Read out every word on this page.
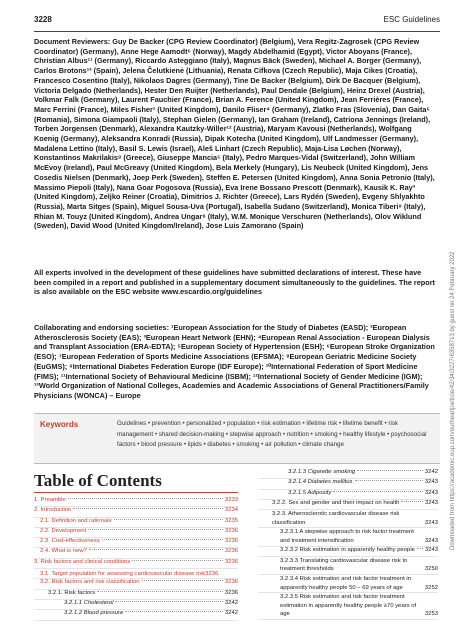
3228	ESC Guidelines

Document Reviewers: Guy De Backer (CPG Review Coordinator) (Belgium), Vera Regitz-Zagrosek (CPG Review Coordinator) (Germany), Anne Hege Aamodt⁶ (Norway), Magdy Abdelhamid (Egypt), Victor Aboyans (France), Christian Albus¹¹ (Germany), Riccardo Asteggiano (Italy), Magnus Bäck (Sweden), Michael A. Borger (Germany), Carlos Brotons¹³ (Spain), Jelena Čelutkienė (Lithuania), Renata Cifkova (Czech Republic), Maja Cikes (Croatia), Francesco Cosentino (Italy), Nikolaos Dagres (Germany), Tine De Backer (Belgium), Dirk De Bacquer (Belgium), Victoria Delgado (Netherlands), Hester Den Ruijter (Netherlands), Paul Dendale (Belgium), Heinz Drexel (Austria), Volkmar Falk (Germany), Laurent Fauchier (France), Brian A. Ference (United Kingdom), Jean Ferrières (France), Marc Ferrini (France), Miles Fisher¹ (United Kingdom), Danilo Fliser⁴ (Germany), Zlatko Fras (Slovenia), Dan Gaita⁵ (Romania), Simona Giampaoli (Italy), Stephan Gielen (Germany), Ian Graham (Ireland), Catriona Jennings (Ireland), Torben Jorgensen (Denmark), Alexandra Kautzky-Willer¹² (Austria), Maryam Kavousi (Netherlands), Wolfgang Koenig (Germany), Aleksandra Konradi (Russia), Dipak Kotecha (United Kingdom), Ulf Landmesser (Germany), Madalena Lettino (Italy), Basil S. Lewis (Israel), Aleš Linhart (Czech Republic), Maja-Lisa Løchen (Norway), Konstantinos Makrilakis⁸ (Greece), Giuseppe Mancia⁵ (Italy), Pedro Marques-Vidal (Switzerland), John William McEvoy (Ireland), Paul McGreavy (United Kingdom), Bela Merkely (Hungary), Lis Neubeck (United Kingdom), Jens Cosedis Nielsen (Denmark), Joep Perk (Sweden), Steffen E. Petersen (United Kingdom), Anna Sonia Petronio (Italy), Massimo Piepoli (Italy), Nana Goar Pogosova (Russia), Eva Irene Bossano Prescott (Denmark), Kausik K. Ray³ (United Kingdom), Zeljko Reiner (Croatia), Dimitrios J. Richter (Greece), Lars Rydén (Sweden), Evgeny Shlyakhto (Russia), Marta Sitges (Spain), Miguel Sousa-Uva (Portugal), Isabella Sudano (Switzerland), Monica Tiberi⁹ (Italy), Rhian M. Touyz (United Kingdom), Andrea Ungar⁸ (Italy), W.M. Monique Verschuren (Netherlands), Olov Wiklund (Sweden), David Wood (United Kingdom/Ireland), Jose Luis Zamorano (Spain)

All experts involved in the development of these guidelines have submitted declarations of interest. These have been compiled in a report and published in a supplementary document simultaneously to the guidelines. The report is also available on the ESC website www.escardio.org/guidelines

Collaborating and endorsing societies: ¹European Association for the Study of Diabetes (EASD); ²European Atherosclerosis Society (EAS); ³European Heart Network (EHN); ⁴European Renal Association - European Dialysis and Transplant Association (ERA-EDTA); ⁵European Society of Hypertension (ESH); ⁶European Stroke Organization (ESO); ⁷European Federation of Sports Medicine Associations (EFSMA); ⁸European Geriatric Medicine Society (EuGMS); ⁹International Diabetes Federation Europe (IDF Europe); ¹⁰International Federation of Sport Medicine (FIMS); ¹¹International Society of Behavioural Medicine (ISBM); ¹²International Society of Gender Medicine (IGM); ¹³World Organization of National Colleges, Academies and Academic Associations of General Practitioners/Family Physicians (WONCA) – Europe

Keywords	Guidelines • prevention • personalized • population • risk estimation • lifetime risk • lifetime benefit • risk management • shared decision-making • stepwise approach • nutrition • smoking • healthy lifestyle • psychosocial factors • blood pressure • lipids • diabetes • smoking • air pollution • climate change
Table of Contents
1. Preamble	3233
2. Introduction	3234
2.1. Definition and rationale	3235
2.2. Development	3236
2.3. Cost-effectiveness	3236
2.4. What is new?	3236
3. Risk factors and clinical conditions	3236
3.1. Target population for assessing cardiovascular disease risk 3236
3.2. Risk factors and risk classification	3236
3.2.1. Risk factors	3236
3.2.1.1 Cholesterol	3242
3.2.1.2 Blood pressure	3242
3.2.1.3 Cigarette smoking	3242
3.2.1.4 Diabetes mellitus	3243
3.2.1.5 Adiposity	3243
3.2.2. Sex and gender and their impact on health	3243
3.2.3. Atherosclerotic cardiovascular disease risk classification	3243
3.2.3.1 A stepwise approach to risk factor treatment and treatment intensification	3243
3.2.3.2 Risk estimation in apparently healthy people 3243
3.2.3.3 Translating cardiovascular disease risk to treatment thresholds	3250
3.2.3.4 Risk estimation and risk factor treatment in apparently healthy people 50 – 69 years of age	3252
3.2.3.5 Risk estimation and risk factor treatment estimation in apparently healthy people ≥70 years of age	3253
Downloaded from https://academic.oup.com/eurheartj/article/42/34/3227/6358713 by guest on 24 February 2022
